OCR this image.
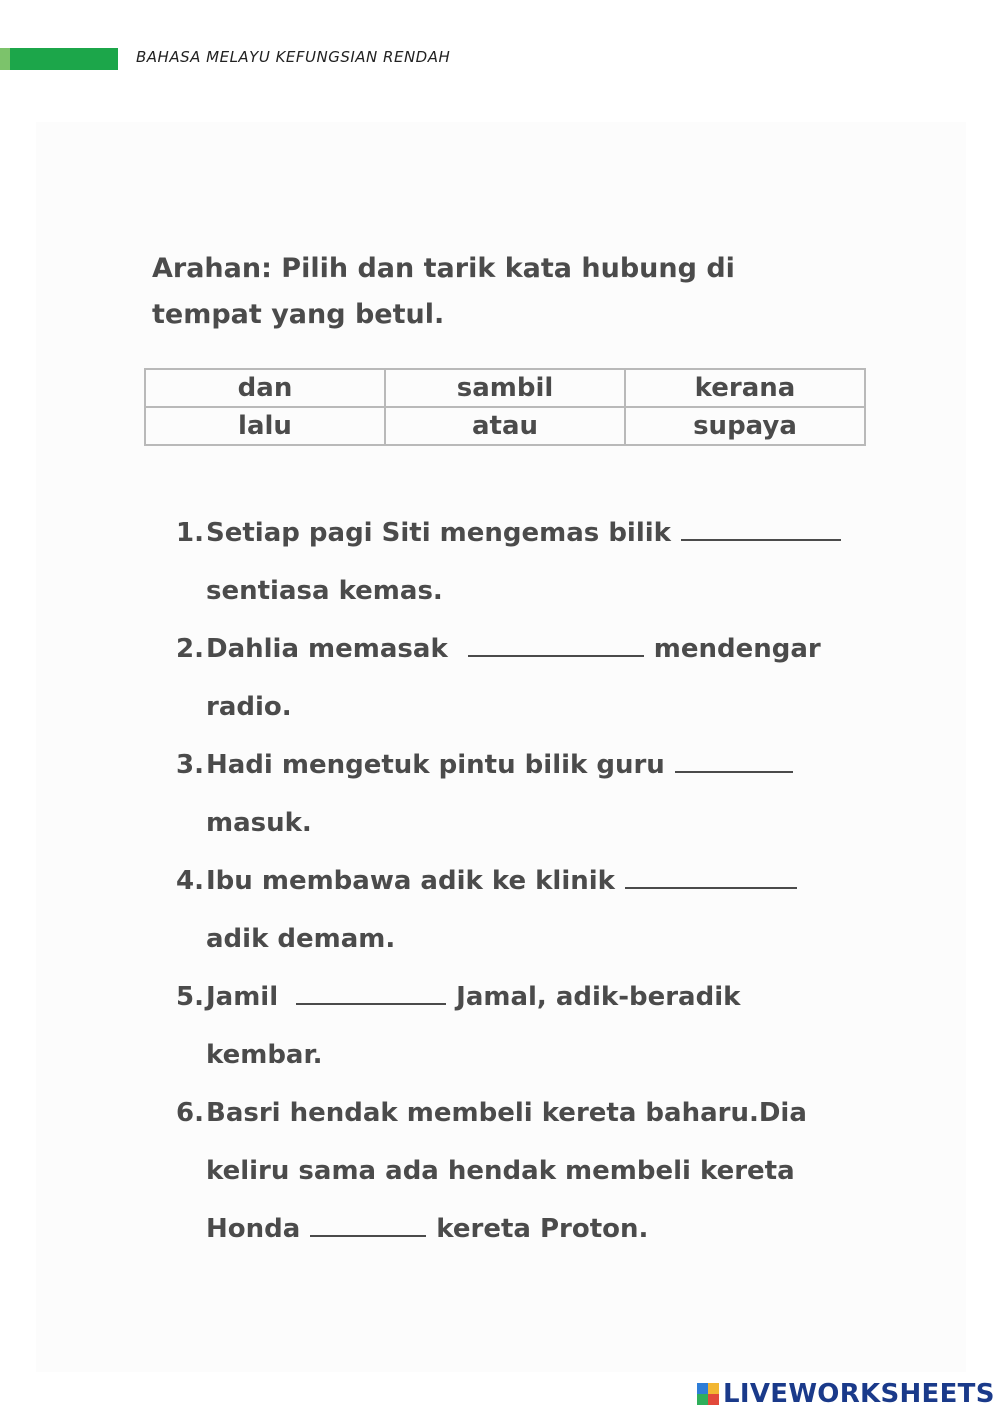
BAHASA MELAYU KEFUNGSIAN RENDAH

Arahan: Pilih dan tarik kata hubung di tempat yang betul.

dan	sambil	kerana
lalu	atau	supaya
1.Setiap pagi Siti mengemas bilik
sentiasa kemas.
2.Dahlia memasak	mendengar
radio.
3.Hadi mengetuk pintu bilik guru
masuk.
4.Ibu membawa adik ke klinik
adik demam.
5.Jamil	Jamal, adik-beradik
kembar.
6.Basri hendak membeli kereta baharu.Dia
keliru sama ada hendak membeli kereta
Honda	kereta Proton.
LIVEWORKSHEETS
